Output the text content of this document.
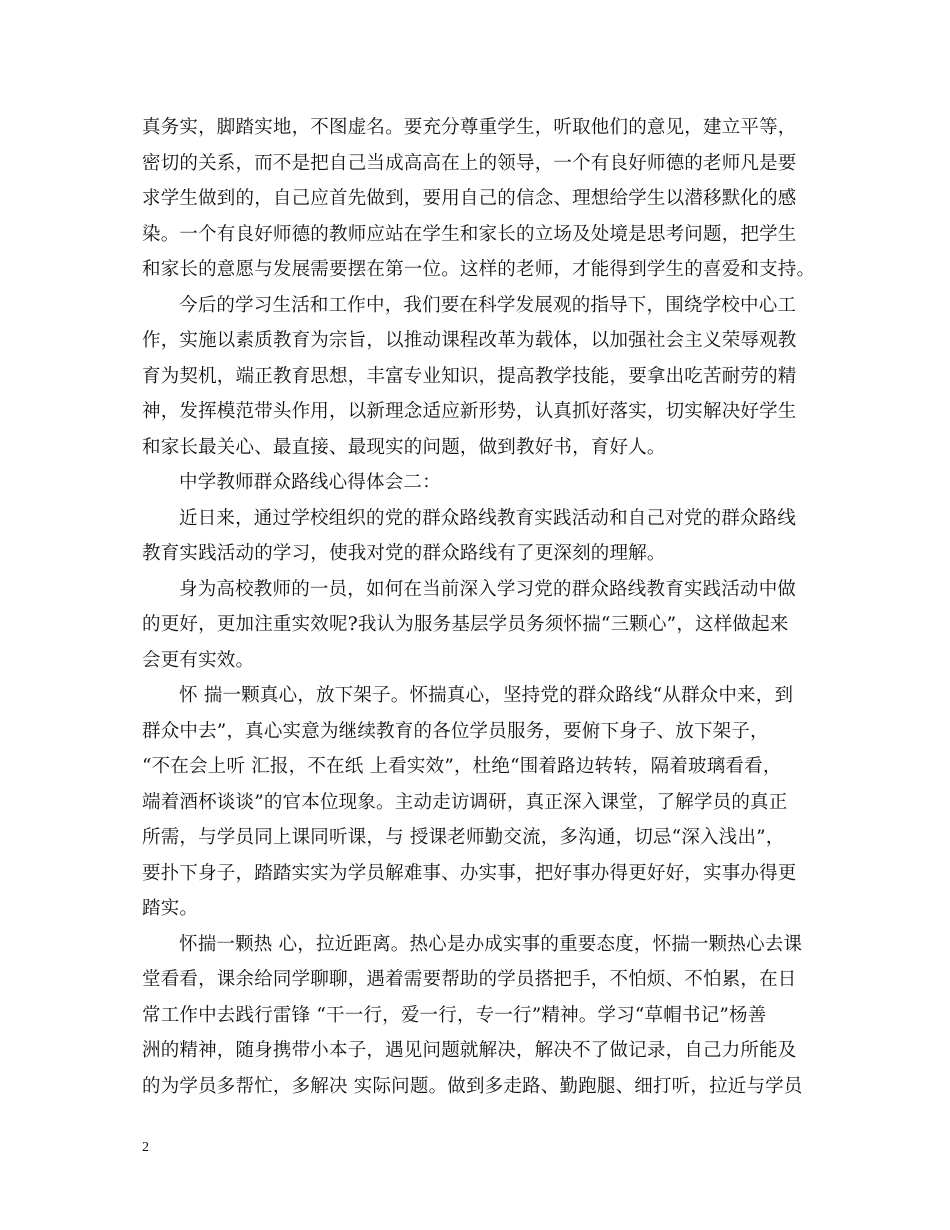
真务实，脚踏实地，不图虚名。要充分尊重学生，听取他们的意见，建立平等，
密切的关系，而不是把自己当成高高在上的领导，一个有良好师德的老师凡是要
求学生做到的，自己应首先做到，要用自己的信念、理想给学生以潜移默化的感
染。一个有良好师德的教师应站在学生和家长的立场及处境是思考问题，把学生
和家长的意愿与发展需要摆在第一位。这样的老师，才能得到学生的喜爱和支持。
今后的学习生活和工作中，我们要在科学发展观的指导下，围绕学校中心工
作，实施以素质教育为宗旨，以推动课程改革为载体，以加强社会主义荣辱观教
育为契机，端正教育思想，丰富专业知识，提高教学技能，要拿出吃苦耐劳的精
神，发挥模范带头作用，以新理念适应新形势，认真抓好落实，切实解决好学生
和家长最关心、最直接、最现实的问题，做到教好书，育好人。
中学教师群众路线心得体会二：
近日来，通过学校组织的党的群众路线教育实践活动和自己对党的群众路线
教育实践活动的学习，使我对党的群众路线有了更深刻的理解。
身为高校教师的一员，如何在当前深入学习党的群众路线教育实践活动中做
的更好，更加注重实效呢?我认为服务基层学员务须怀揣“三颗心”，这样做起来
会更有实效。
怀 揣一颗真心，放下架子。怀揣真心，坚持党的群众路线“从群众中来，到
群众中去”，真心实意为继续教育的各位学员服务，要俯下身子、放下架子，
“不在会上听 汇报，不在纸 上看实效”，杜绝“围着路边转转，隔着玻璃看看，
端着酒杯谈谈”的官本位现象。主动走访调研，真正深入课堂，了解学员的真正
所需，与学员同上课同听课，与 授课老师勤交流，多沟通，切忌“深入浅出”，
要扑下身子，踏踏实实为学员解难事、办实事，把好事办得更好好，实事办得更
踏实。
怀揣一颗热 心，拉近距离。热心是办成实事的重要态度，怀揣一颗热心去课
堂看看，课余给同学聊聊，遇着需要帮助的学员搭把手，不怕烦、不怕累，在日
常工作中去践行雷锋 “干一行，爱一行，专一行”精神。学习“草帽书记”杨善
洲的精神，随身携带小本子，遇见问题就解决，解决不了做记录，自己力所能及
的为学员多帮忙，多解决 实际问题。做到多走路、勤跑腿、细打听，拉近与学员
2
